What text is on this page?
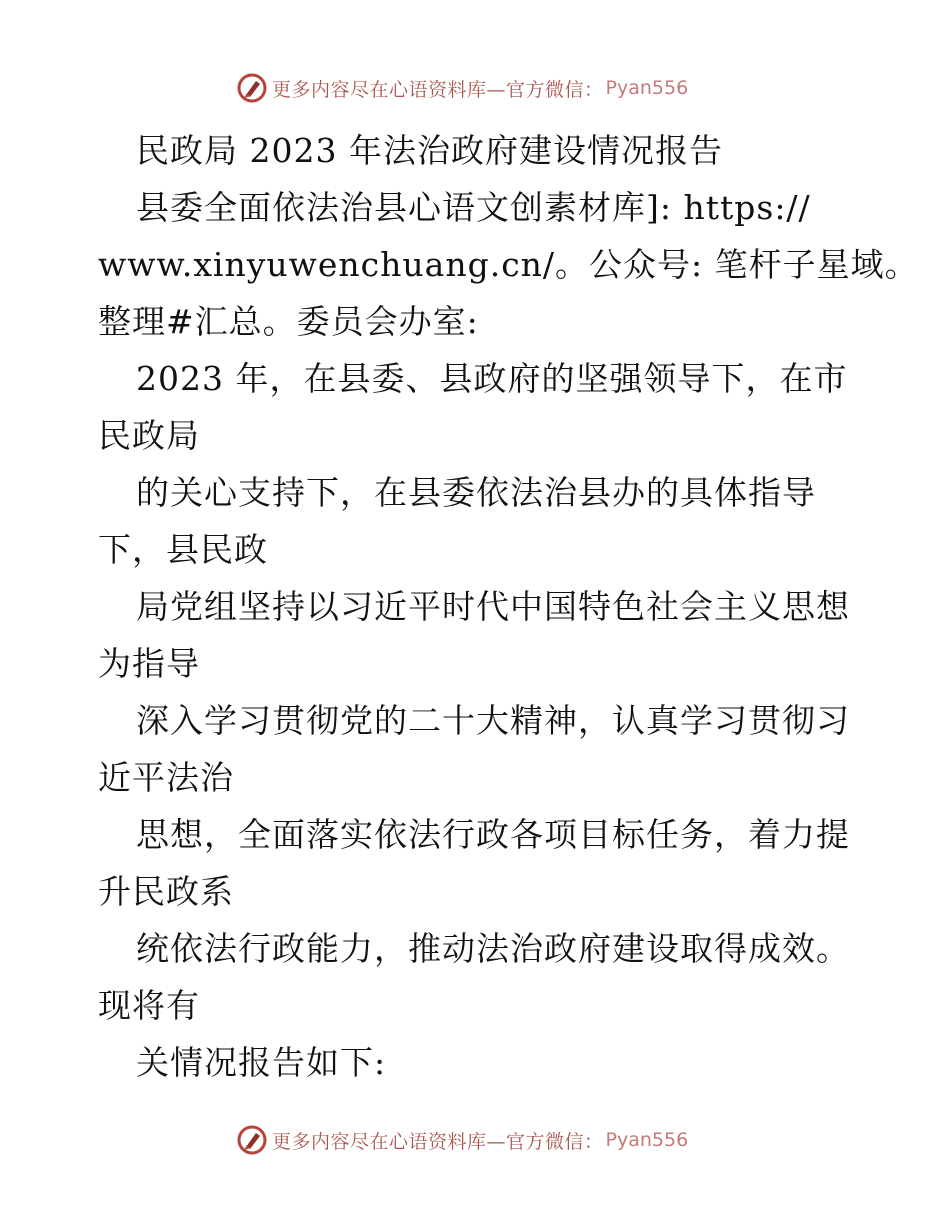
更多内容尽在心语资料库—官方微信： Pyan556
民政局 2023 年法治政府建设情况报告
县委全面依法治县心语文创素材库]: https://
www.xinyuwenchuang.cn/。公众号: 笔杆子星域。
整理#汇总。委员会办室:
2023 年，在县委、县政府的坚强领导下，在市
民政局
的关心支持下，在县委依法治县办的具体指导
下，县民政
局党组坚持以习近平时代中国特色社会主义思想
为指导
深入学习贯彻党的二十大精神，认真学习贯彻习
近平法治
思想，全面落实依法行政各项目标任务，着力提
升民政系
统依法行政能力，推动法治政府建设取得成效。
现将有
关情况报告如下:
更多内容尽在心语资料库—官方微信： Pyan556
